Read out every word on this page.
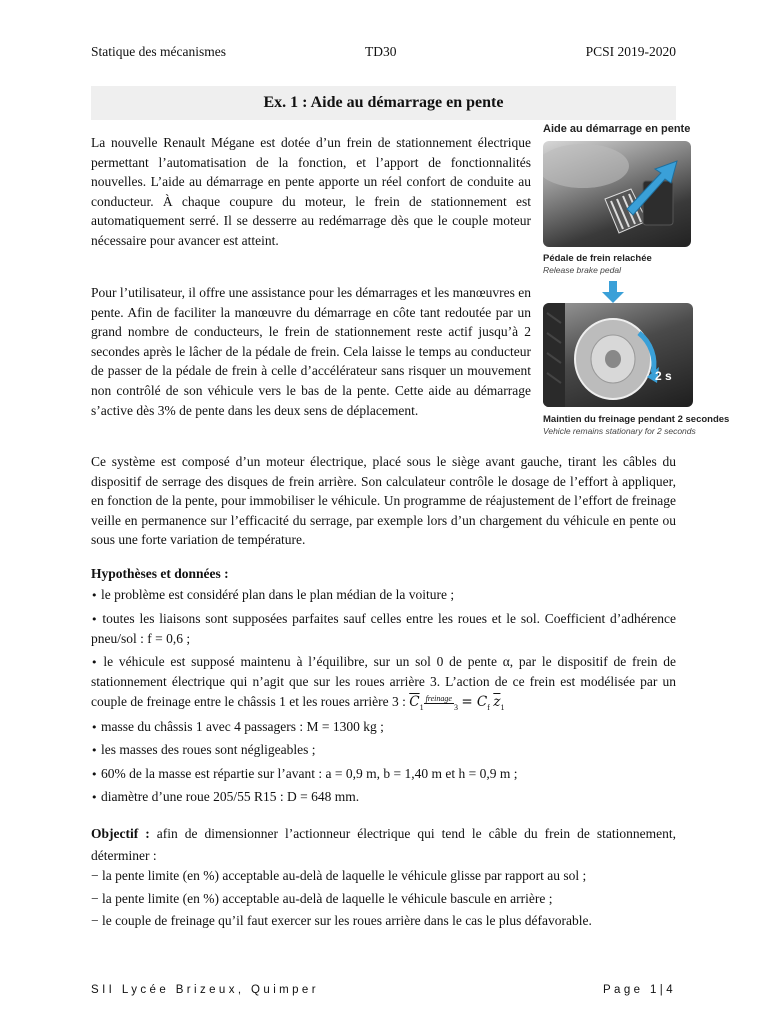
Statique des mécanismes	TD30	PCSI 2019-2020
Ex. 1 : Aide au démarrage en pente

La nouvelle Renault Mégane est dotée d’un frein de stationnement électrique permettant l’automatisation de la fonction, et l’apport de fonctionnalités nouvelles. L’aide au démarrage en pente apporte un réel confort de conduite au conducteur. À chaque coupure du moteur, le frein de stationnement est automatiquement serré. Il se desserre au redémarrage dès que le couple moteur nécessaire pour avancer est atteint.

Pour l’utilisateur, il offre une assistance pour les démarrages et les manœuvres en pente. Afin de faciliter la manœuvre du démarrage en côte tant redoutée par un grand nombre de conducteurs, le frein de stationnement reste actif jusqu’à 2 secondes après le lâcher de la pédale de frein. Cela laisse le temps au conducteur de passer de la pédale de frein à celle d’accélérateur sans risquer un mouvement non contrôlé de son véhicule vers le bas de la pente. Cette aide au démarrage s’active dès 3% de pente dans les deux sens de déplacement.

Ce système est composé d’un moteur électrique, placé sous le siège avant gauche, tirant les câbles du dispositif de serrage des disques de frein arrière. Son calculateur contrôle le dosage de l’effort à appliquer, en fonction de la pente, pour immobiliser le véhicule. Un programme de réajustement de l’effort de freinage veille en permanence sur l’efficacité du serrage, par exemple lors d’un chargement du véhicule en pente ou sous une forte variation de température.

Aide au démarrage en pente
Pédale de frein relachée
Release brake pedal
2 s
Maintien du freinage pendant 2 secondes
Vehicle remains stationary for 2 seconds
Hypothèses et données :
• le problème est considéré plan dans le plan médian de la voiture ;
• toutes les liaisons sont supposées parfaites sauf celles entre les roues et le sol. Coefficient d’adhérence pneu/sol : f = 0,6 ;
• le véhicule est supposé maintenu à l’équilibre, sur un sol 0 de pente α, par le dispositif de frein de stationnement électrique qui n’agit que sur les roues arrière 3. L’action de ce frein est modélisée par un couple de freinage entre le châssis 1 et les roues arrière 3 : $\overline{C}_1^{freinage}_3 = C_f$ $\overline{z}_1$
• masse du châssis 1 avec 4 passagers : M = 1300 kg ;
• les masses des roues sont négligeables ;
• 60% de la masse est répartie sur l’avant : a = 0,9 m, b = 1,40 m et h = 0,9 m ;
• diamètre d’une roue 205/55 R15 : D = 648 mm.

Objectif : afin de dimensionner l’actionneur électrique qui tend le câble du frein de stationnement, déterminer :

− la pente limite (en %) acceptable au-delà de laquelle le véhicule glisse par rapport au sol ;
− la pente limite (en %) acceptable au-delà de laquelle le véhicule bascule en arrière ;
− le couple de freinage qu’il faut exercer sur les roues arrière dans le cas le plus défavorable.
SII Lycée Brizeux, Quimper	Page 1|4
